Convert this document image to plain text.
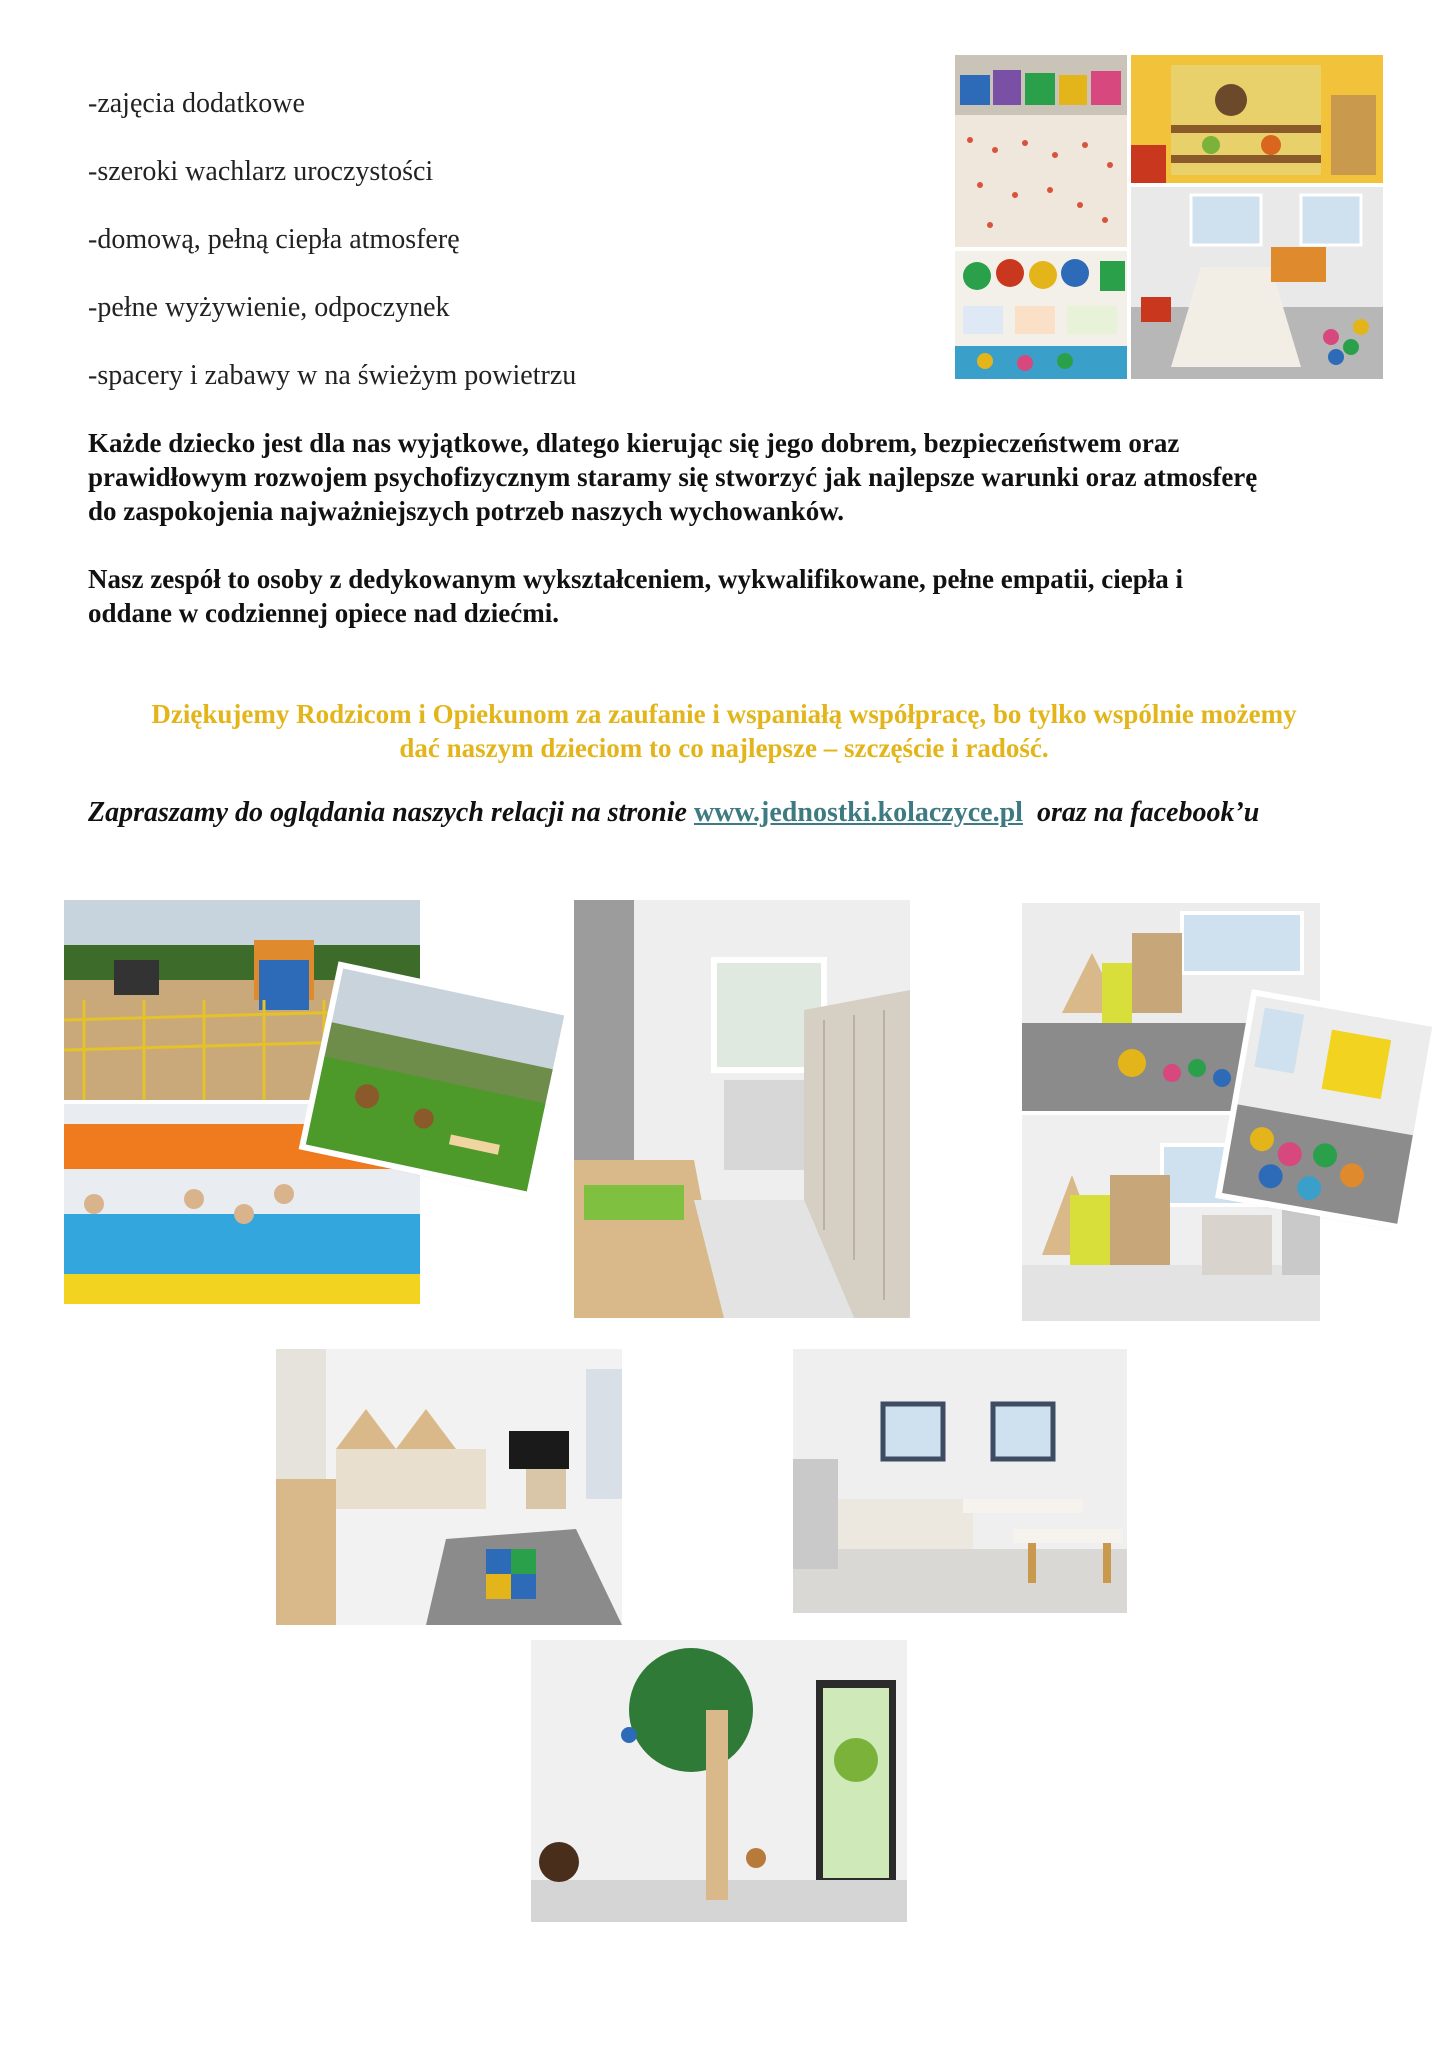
-zajęcia dodatkowe
-szeroki wachlarz uroczystości
-domową, pełną ciepła atmosferę
-pełne wyżywienie, odpoczynek
-spacery i zabawy w na świeżym powietrzu
Każde dziecko jest dla nas wyjątkowe, dlatego kierując się jego dobrem, bezpieczeństwem oraz
prawidłowym rozwojem psychofizycznym staramy się stworzyć jak najlepsze warunki oraz atmosferę
do zaspokojenia najważniejszych potrzeb naszych wychowanków.
Nasz zespół to osoby z dedykowanym wykształceniem, wykwalifikowane, pełne empatii, ciepła i
oddane w codziennej opiece nad dziećmi.
Dziękujemy Rodzicom i Opiekunom za zaufanie i wspaniałą współpracę, bo tylko wspólnie możemy
dać naszym dzieciom to co najlepsze – szczęście i radość.
Zapraszamy do oglądania naszych relacji na stronie www.jednostki.kolaczyce.pl  oraz na facebook’u
